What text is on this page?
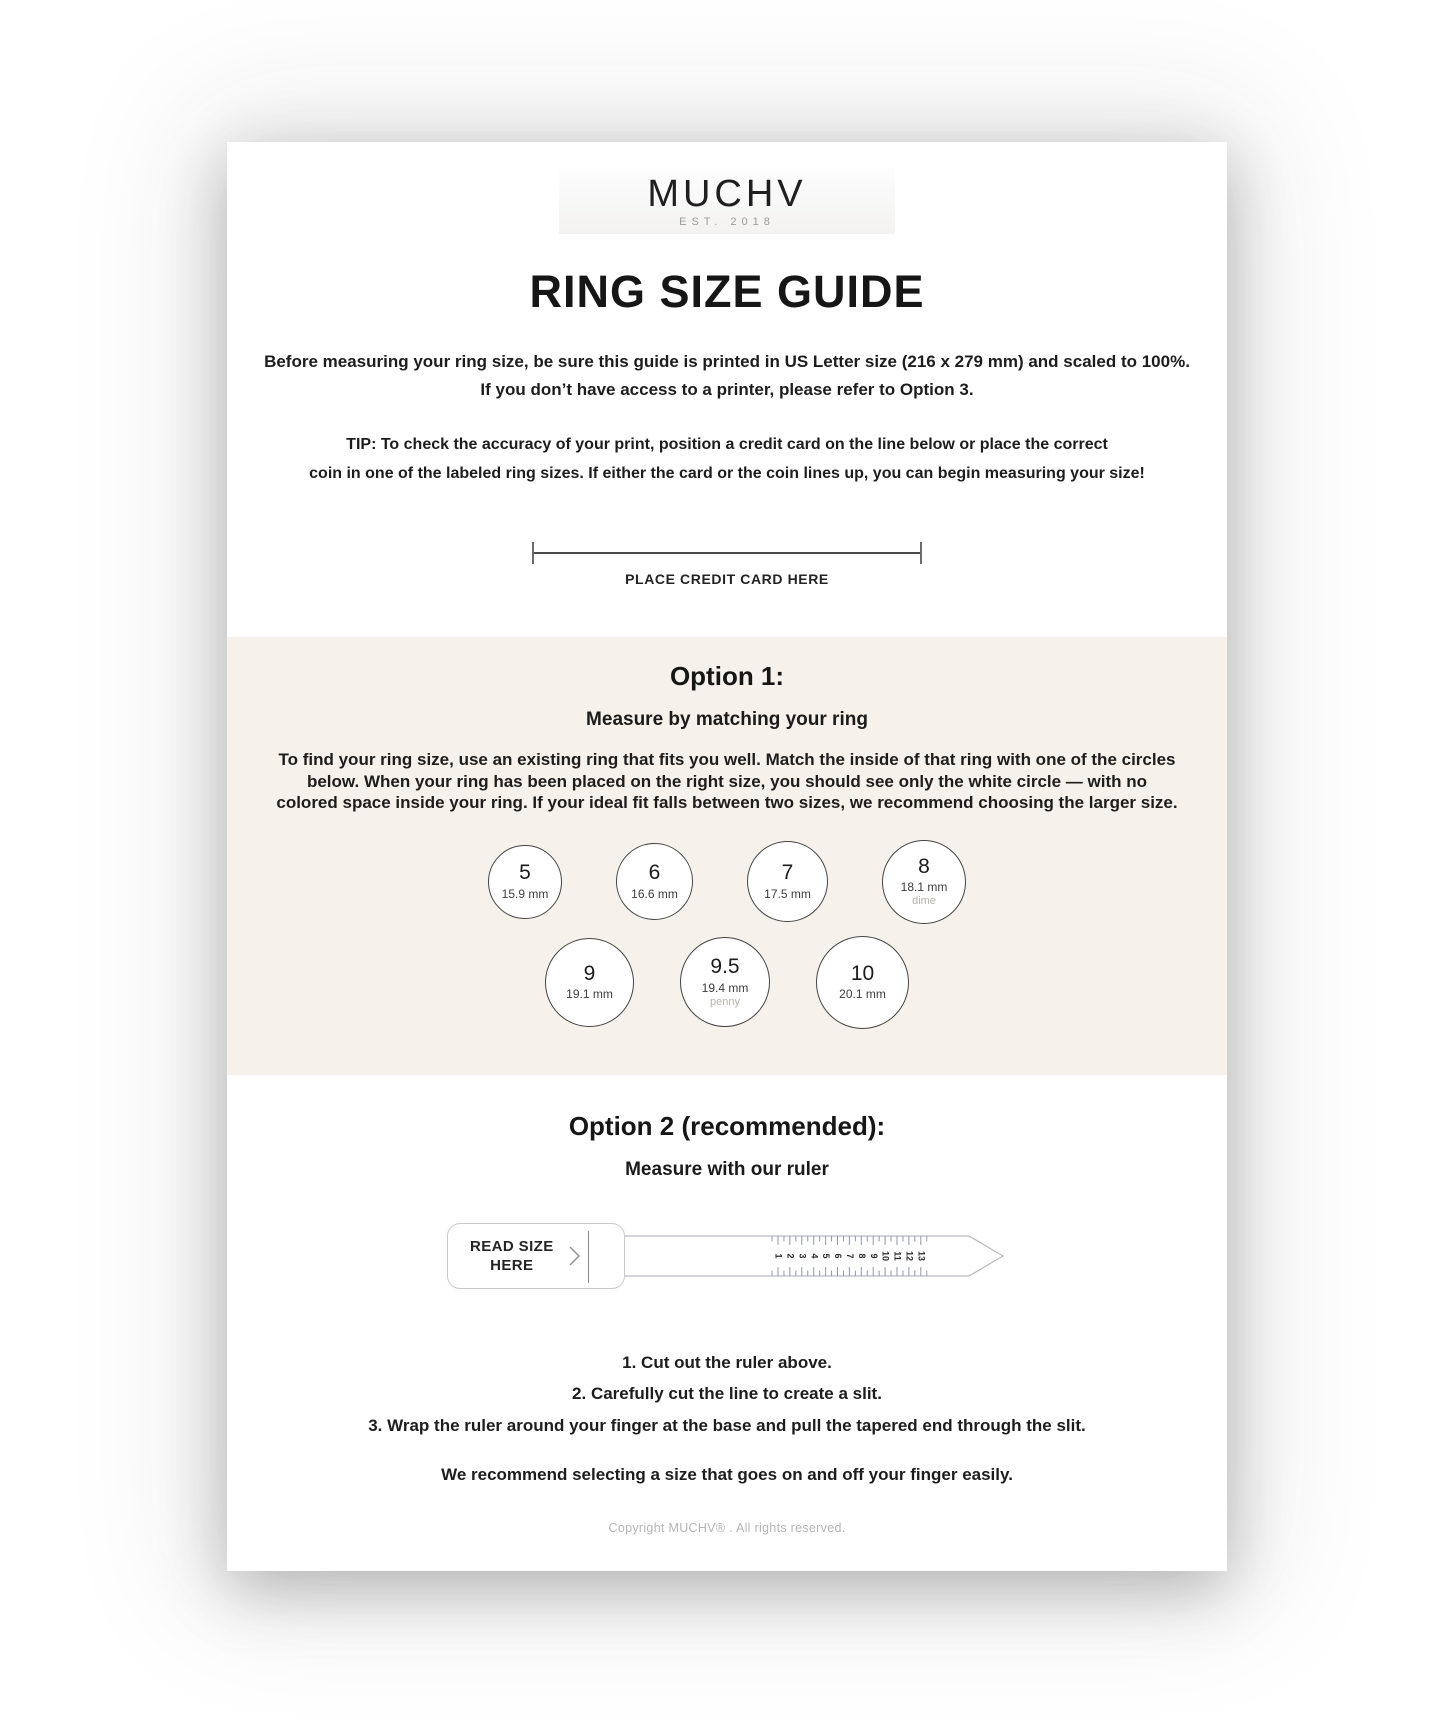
MUCHV
EST. 2018
RING SIZE GUIDE

Before measuring your ring size, be sure this guide is printed in US Letter size (216 x 279 mm) and scaled to 100%.
If you don’t have access to a printer, please refer to Option 3.

TIP: To check the accuracy of your print, position a credit card on the line below or place the correct
coin in one of the labeled ring sizes. If either the card or the coin lines up, you can begin measuring your size!

PLACE CREDIT CARD HERE
Option 1:
Measure by matching your ring

To find your ring size, use an existing ring that fits you well. Match the inside of that ring with one of the circles below. When your ring has been placed on the right size, you should see only the white circle — with no colored space inside your ring. If your ideal fit falls between two sizes, we recommend choosing the larger size.

5
15.9 mm
6
16.6 mm
7
17.5 mm
8
18.1 mm
dime
9
19.1 mm
9.5
19.4 mm
penny
10
20.1 mm
Option 2 (recommended):
Measure with our ruler
READ SIZE
HERE
1 2 3 4 5 6 7 8 9 10 11 12 13
1. Cut out the ruler above.
2. Carefully cut the line to create a slit.
3. Wrap the ruler around your finger at the base and pull the tapered end through the slit.

We recommend selecting a size that goes on and off your finger easily.

Copyright MUCHV® . All rights reserved.
